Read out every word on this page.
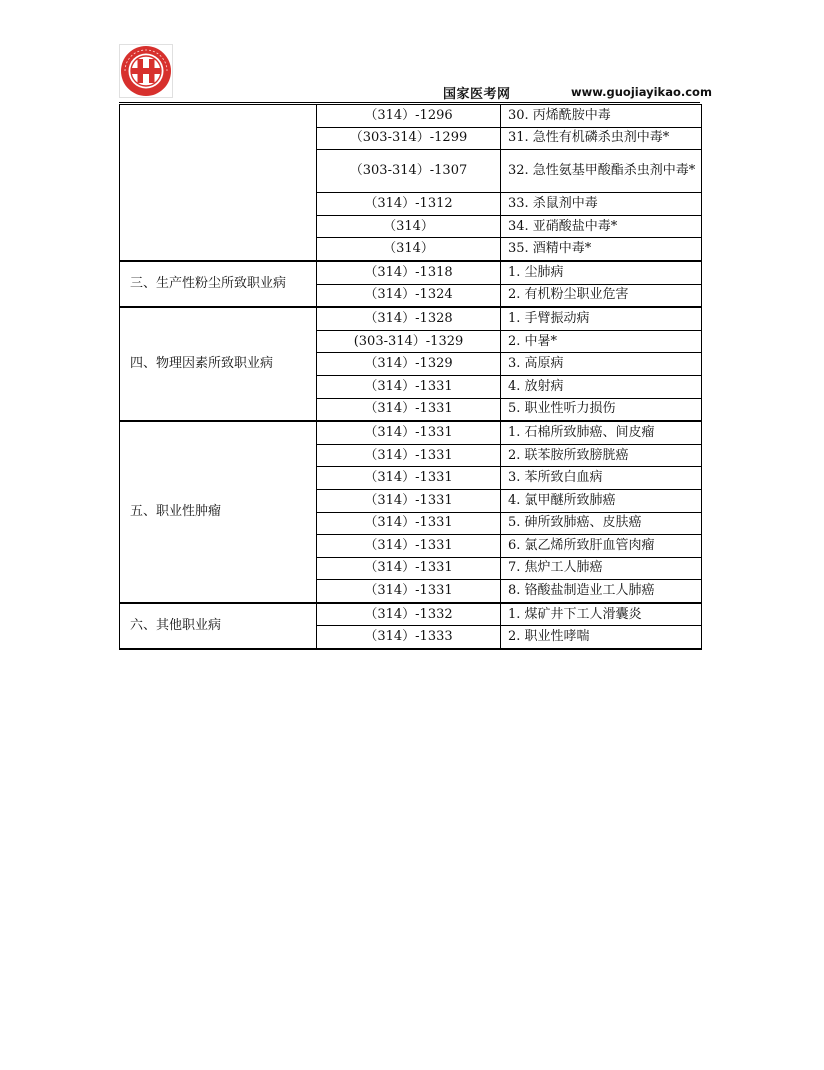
国家医考网	www.guojiayikao.com
	（314）-1296	30. 丙烯酰胺中毒
	（303-314）-1299	31. 急性有机磷杀虫剂中毒*
	（303-314）-1307	32. 急性氨基甲酸酯杀虫剂中毒*
	（314）-1312	33. 杀鼠剂中毒
	（314）	34. 亚硝酸盐中毒*
	（314）	35. 酒精中毒*
三、生产性粉尘所致职业病	（314）-1318	1. 尘肺病
	（314）-1324	2. 有机粉尘职业危害
四、物理因素所致职业病	（314）-1328	1. 手臂振动病
	(303-314）-1329	2. 中暑*
	（314）-1329	3. 高原病
	（314）-1331	4. 放射病
	（314）-1331	5. 职业性听力损伤
五、职业性肿瘤	（314）-1331	1. 石棉所致肺癌、间皮瘤
	（314）-1331	2. 联苯胺所致膀胱癌
	（314）-1331	3. 苯所致白血病
	（314）-1331	4. 氯甲醚所致肺癌
	（314）-1331	5. 砷所致肺癌、皮肤癌
	（314）-1331	6. 氯乙烯所致肝血管肉瘤
	（314）-1331	7. 焦炉工人肺癌
	（314）-1331	8. 铬酸盐制造业工人肺癌
六、其他职业病	（314）-1332	1. 煤矿井下工人滑囊炎
	（314）-1333	2. 职业性哮喘
